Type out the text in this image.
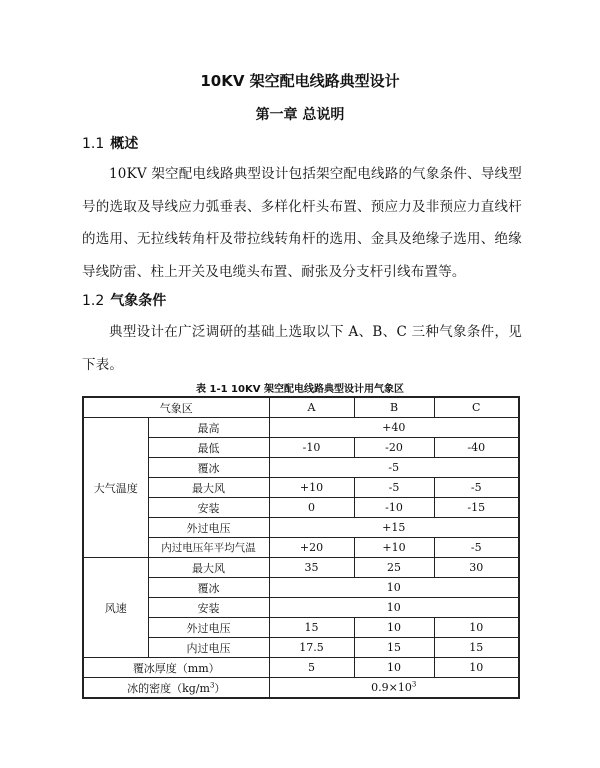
10KV 架空配电线路典型设计
第一章 总说明
1.1 概述
10KV 架空配电线路典型设计包括架空配电线路的气象条件、导线型号的选取及导线应力弧垂表、多样化杆头布置、预应力及非预应力直线杆的选用、无拉线转角杆及带拉线转角杆的选用、金具及绝缘子选用、绝缘导线防雷、柱上开关及电缆头布置、耐张及分支杆引线布置等。
1.2 气象条件
典型设计在广泛调研的基础上选取以下 A、B、C 三种气象条件，见下表。
表 1-1 10KV 架空配电线路典型设计用气象区
气象区		A	B	C
大气温度	最高	+40		
	最低	-10	-20	-40
	覆冰	-5		
	最大风	+10	-5	-5
	安装	0	-10	-15
	外过电压	+15		
	内过电压年平均气温	+20	+10	-5
风速	最大风	35	25	30
	覆冰	10		
	安装	10		
	外过电压	15	10	10
	内过电压	17.5	15	15
覆冰厚度（mm）		5	10	10
冰的密度$(kg/m^3)$		$0.9\times 10^3$
